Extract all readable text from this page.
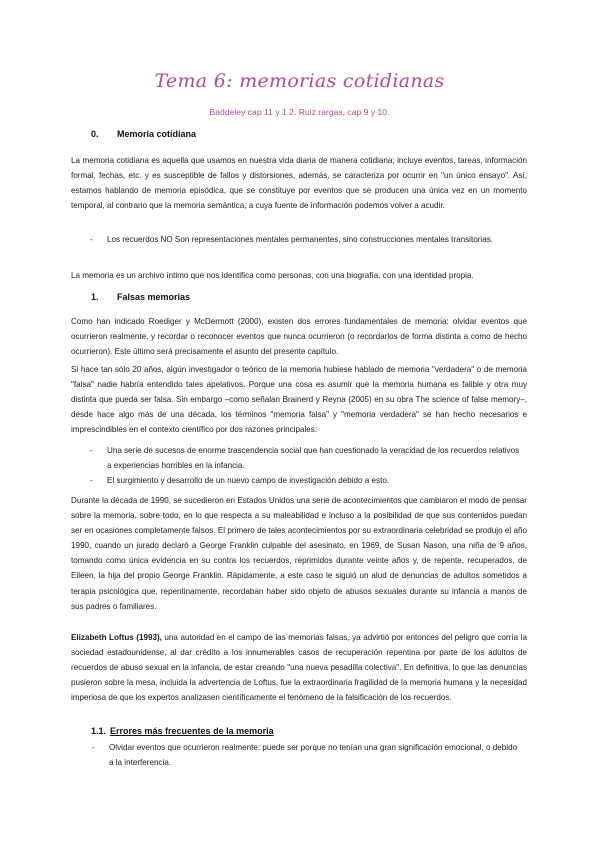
Tema 6: memorias cotidianas
Baddeley cap 11 y 1 2. Ruiz rargas, cap 9 y 10.
0. Memoria cotidiana
La memoria cotidiana es aquella que usamos en nuestra vida diaria de manera cotidiana; incluye eventos, tareas, información formal, fechas, etc. y es susceptible de fallos y distorsiones, además, se caracteriza por ocurrir en "un único ensayo". Así, estamos hablando de memoria episódica, que se constituye por eventos que se producen una única vez en un momento temporal, al contrario que la memoria semántica, a cuya fuente de información podemos volver a acudir.
- Los recuerdos NO Son representaciones mentales permanentes, sino construcciones mentales transitorias.
La memoria es un archivo íntimo que nos identifica como personas, con una biografía, con una identidad propia.
1. Falsas memorias
Como han indicado Roediger y McDermott (2000), existen dos errores fundamentales de memoria: olvidar eventos que ocurrieron realmente, y recordar o reconocer eventos que nunca ocurrieron (o recordarlos de forma distinta a como de hecho ocurrieron). Este último será precisamente el asunto del presente capítulo.
Si hace tan sólo 20 años, algún investigador o teórico de la memoria hubiese hablado de memoria "verdadera" o de memoria "falsa" nadie habría entendido tales apelativos. Porque una cosa es asumir que la memoria humana es falible y otra muy distinta que pueda ser falsa. Sin embargo –como señalan Brainerd y Reyna (2005) en su obra The science of false memory–, desde hace algo más de una década, los términos "memoria falsa" y "memoria verdadera" se han hecho necesarios e imprescindibles en el contexto científico por dos razones principales:
- Una serie de sucesos de enorme trascendencia social que han cuestionado la veracidad de los recuerdos relativos a experiencias horribles en la infancia.
- El surgimiento y desarrollo de un nuevo campo de investigación debido a esto.
Durante la década de 1990, se sucedieron en Estados Unidos una serie de acontecimientos que cambiaron el modo de pensar sobre la memoria, sobre todo, en lo que respecta a su maleabilidad e incluso a la posibilidad de que sus contenidos puedan ser en ocasiones completamente falsos. El primero de tales acontecimientos por su extraordinaria celebridad se produjo el año 1990, cuando un jurado declaró a George Franklin culpable del asesinato, en 1969, de Susan Nason, una niña de 9 años, tomando como única evidencia en su contra los recuerdos, reprimidos durante veinte años y, de repente, recuperados, de Eileen, la hija del propio George Franklin. Rápidamente, a este caso le siguió un alud de denuncias de adultos sometidos a terapia psicológica que, repentinamente, recordaban haber sido objeto de abusos sexuales durante su infancia a manos de sus padres o familiares.
Elizabeth Loftus (1993), una autoridad en el campo de las memorias falsas, ya advirtió por entonces del peligro que corría la sociedad estadounidense, al dar crédito a los innumerables casos de recuperación repentina por parte de los adultos de recuerdos de abuso sexual en la infancia, de estar creando "una nueva pesadilla colectiva". En definitiva, lo que las denuncias pusieron sobre la mesa, incluida la advertencia de Loftus, fue la extraordinaria fragilidad de la memoria humana y la necesidad imperiosa de que los expertos analizasen científicamente el fenómeno de la falsificación de los recuerdos.
1.1. Errores más frecuentes de la memoria
- Olvidar eventos que ocurrieron realmente: puede ser porque no tenían una gran significación emocional, o debido a la interferencia.
